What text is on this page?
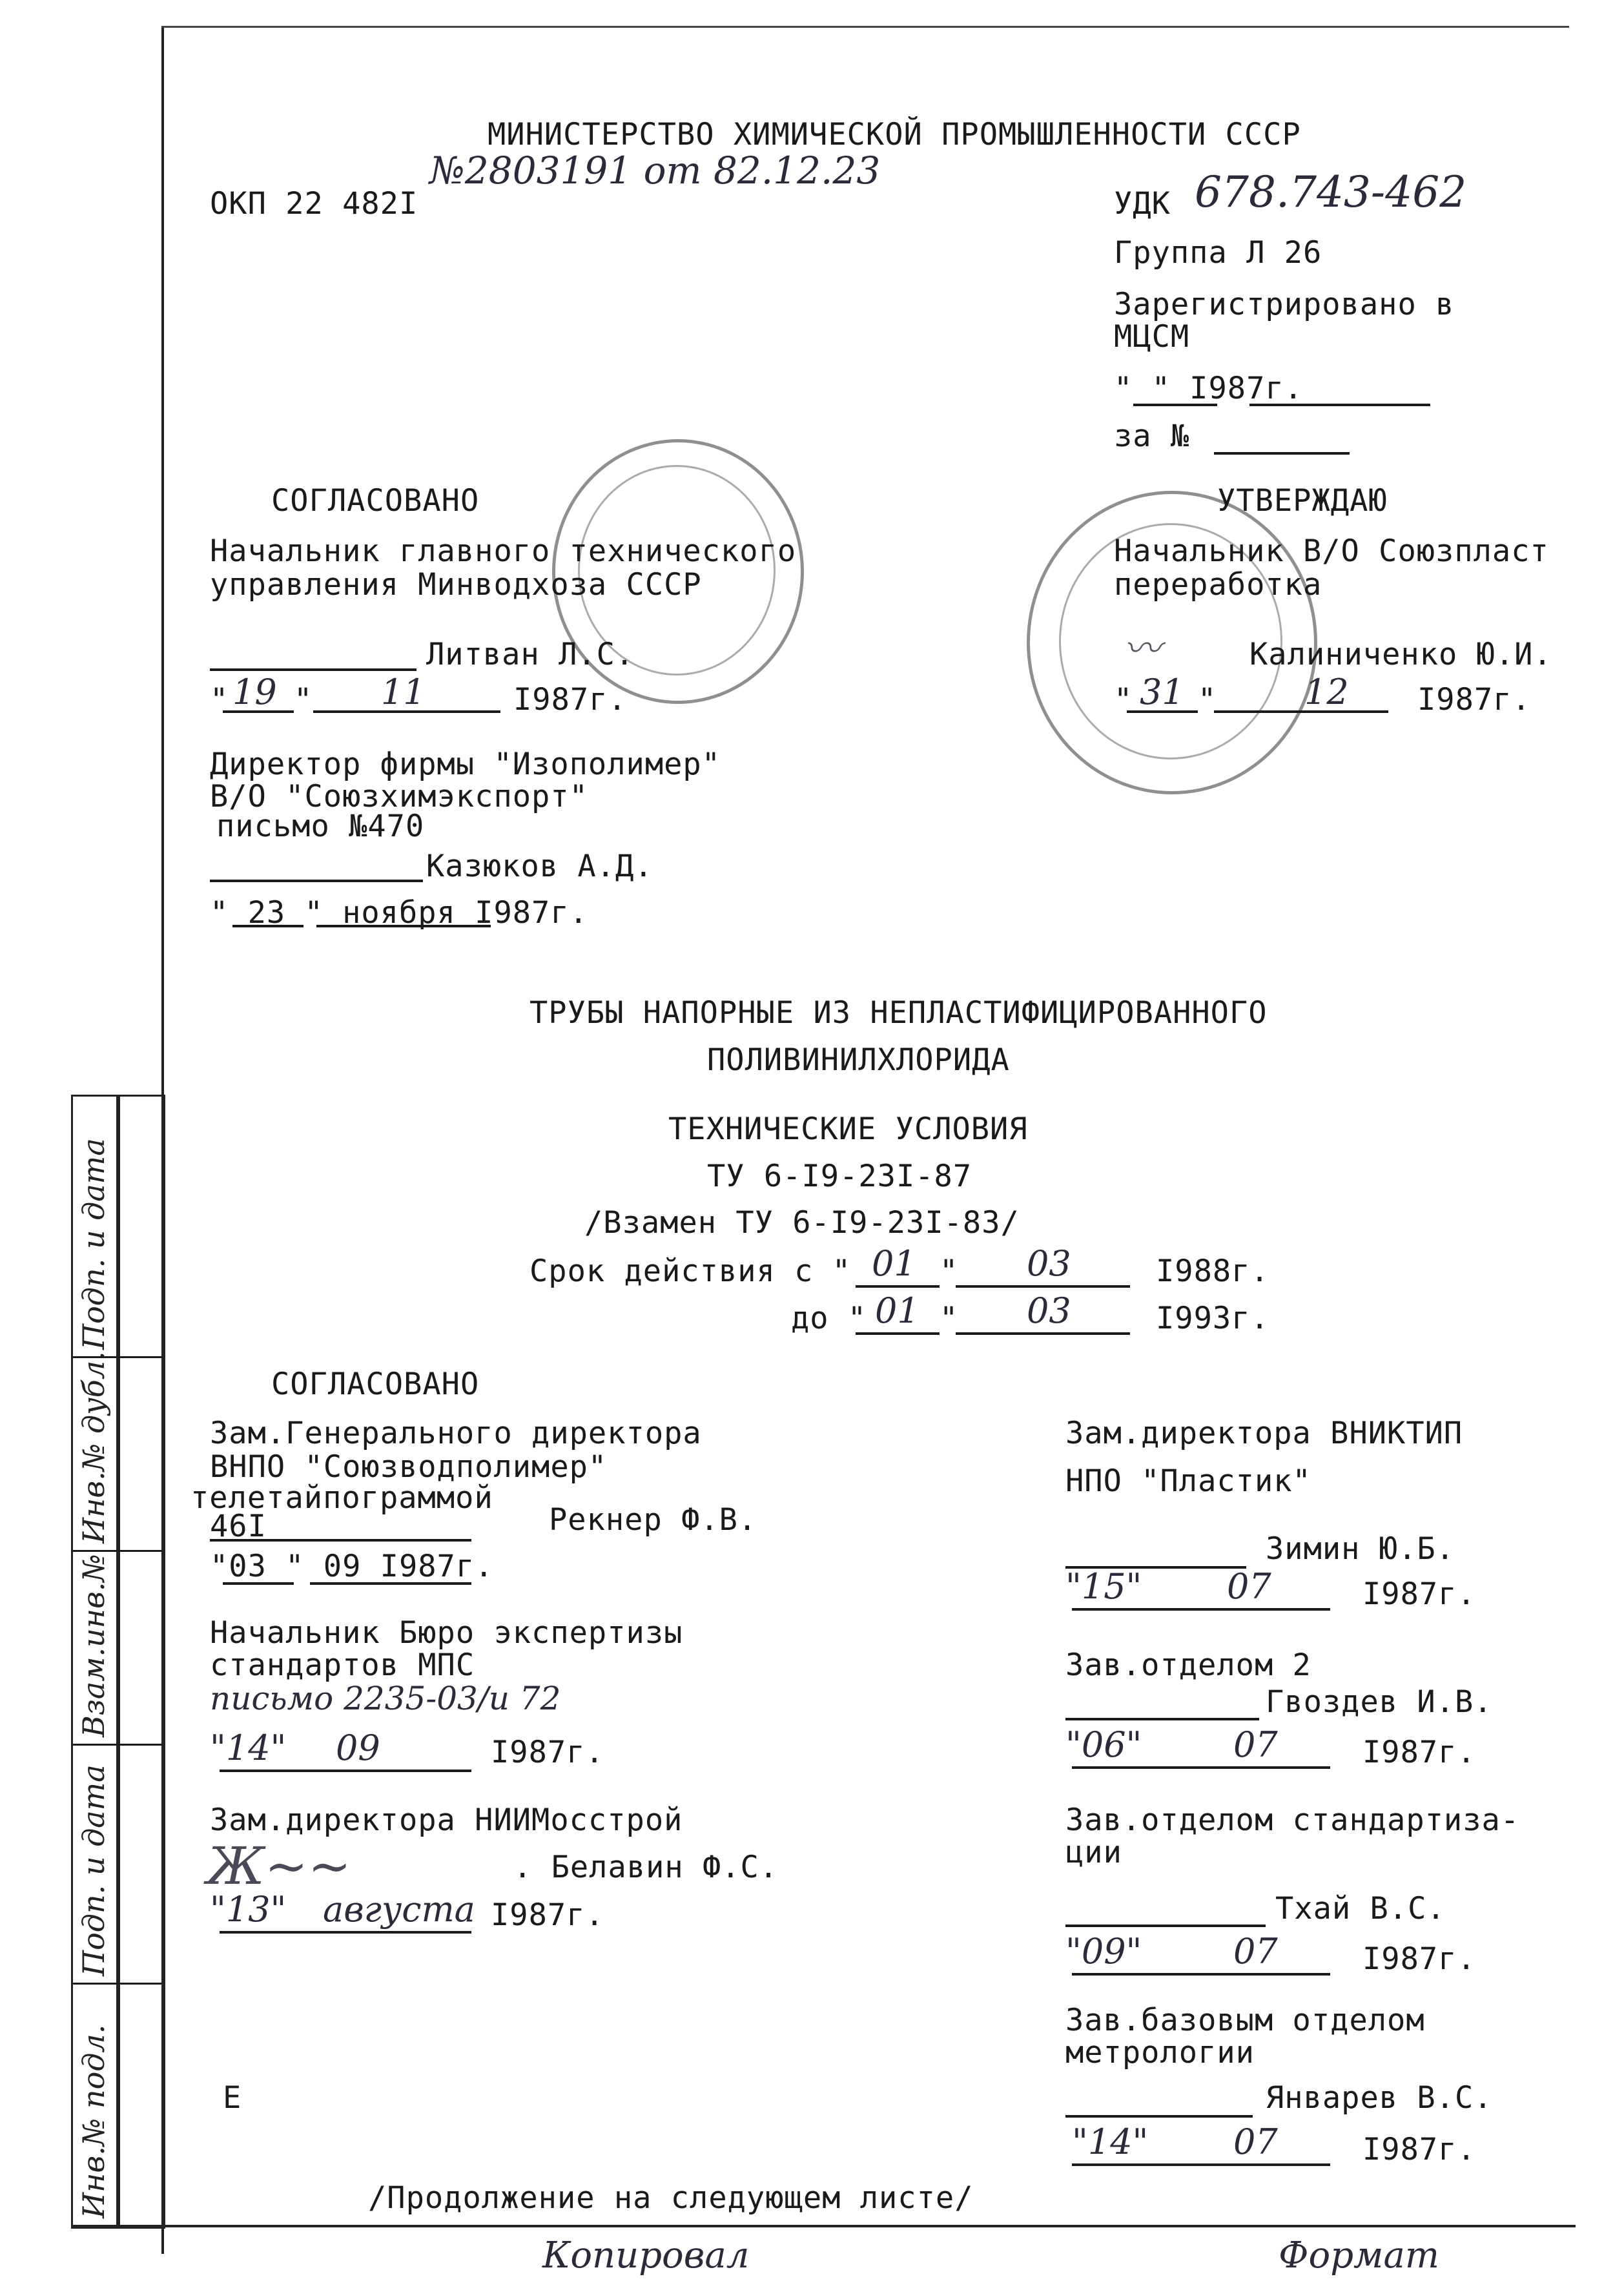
МИНИСТЕРСТВО ХИМИЧЕСКОЙ ПРОМЫШЛЕННОСТИ СССР
ОКП 22 482I
№2803191 от 82.12.23
УДК 678.743-462
Группа Л 26
Зарегистрировано в
МЦСМ
" " I987г.
за №
СОГЛАСОВАНО
Начальник главного технического
управления Минводхоза СССР
Литван Л.С.
" 19 " 11	I987г.
УТВЕРЖДАЮ
Начальник В/О Союзпласт
переработка
〰	Калиниченко Ю.И.
" 31 "	12 I987г.
Директор фирмы "Изополимер"
В/О "Союзхимэкспорт"
письмо №470
Казюков А.Д.
" 23 " ноября I987г.
ТРУБЫ НАПОРНЫЕ ИЗ НЕПЛАСТИФИЦИРОВАННОГО
ПОЛИВИНИЛХЛОРИДА
ТЕХНИЧЕСКИЕ УСЛОВИЯ
ТУ 6-I9-23I-87
/Взамен ТУ 6-I9-23I-83/
Срок действия с " 01 " 03	I988г.
до " 01 " 03	I993г.
СОГЛАСОВАНО
Зам.Генерального директора
ВНПО "Союзводполимер"
телетайпограммой
46I	Рекнер Ф.В.
"03 " 09 I987г.
Начальник Бюро экспертизы
стандартов МПС
письмо 2235-03/и 72
"14" 09	I987г.
Зам.директора НИИМосстрой
Ж~~	. Белавин Ф.С.
"13" августа I987г.
Зам.директора ВНИКТИП
НПО "Пластик"
Зимин Ю.Б.
"15" 07	I987г.
Зав.отделом 2
Гвоздев И.В.
"06"	07	I987г.
Зав.отделом стандартиза-
ции
Тхай В.С.
"09"	07	I987г.
Зав.базовым отделом
метрологии
Январев В.С.
"14" 07	I987г.
Е
/Продолжение на следующем листе/
Копировал	Формат
Инв.№ подл.
Подп. и дата
Взам.инв.№
Инв.№ дубл.
Подп. и дата
